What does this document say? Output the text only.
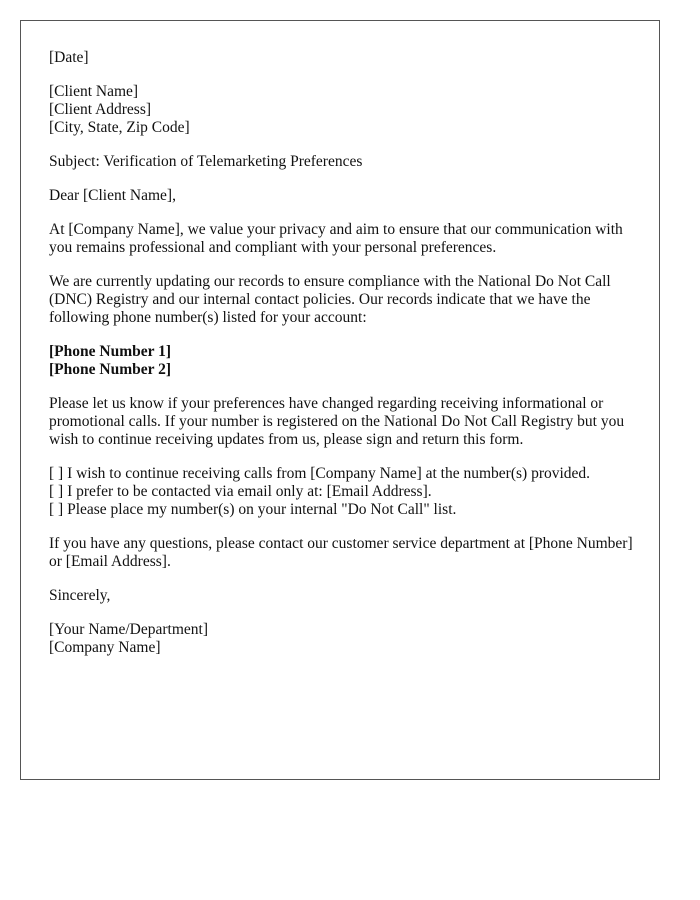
[Date]
[Client Name]
[Client Address]
[City, State, Zip Code]
Subject: Verification of Telemarketing Preferences
Dear [Client Name],
At [Company Name], we value your privacy and aim to ensure that our communication with you remains professional and compliant with your personal preferences.
We are currently updating our records to ensure compliance with the National Do Not Call (DNC) Registry and our internal contact policies. Our records indicate that we have the following phone number(s) listed for your account:
[Phone Number 1]
[Phone Number 2]
Please let us know if your preferences have changed regarding receiving informational or promotional calls. If your number is registered on the National Do Not Call Registry but you wish to continue receiving updates from us, please sign and return this form.
[ ] I wish to continue receiving calls from [Company Name] at the number(s) provided.
[ ] I prefer to be contacted via email only at: [Email Address].
[ ] Please place my number(s) on your internal "Do Not Call" list.
If you have any questions, please contact our customer service department at [Phone Number] or [Email Address].
Sincerely,
[Your Name/Department]
[Company Name]
